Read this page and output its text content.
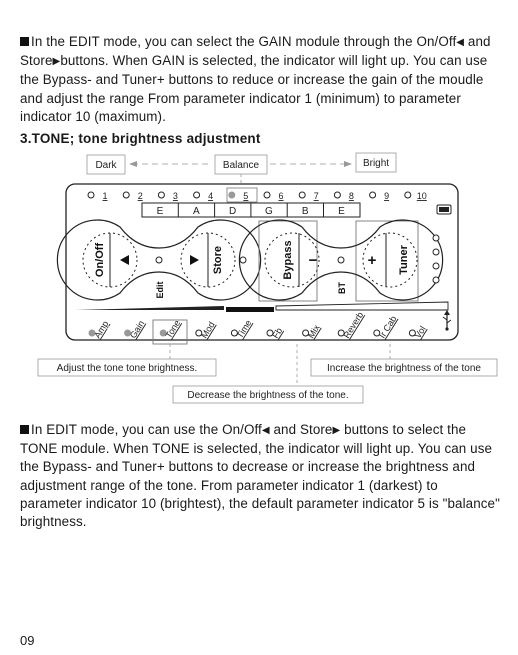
In the EDIT mode, you can select the GAIN module through the On/Off◀ and Store▶buttons. When GAIN is selected, the indicator will light up. You can use the Bypass- and Tuner+ buttons to reduce or increase the gain of the moudle and adjust the range From parameter indicator 1 (minimum) to parameter indicator 10 (maximum).
3.TONE; tone brightness adjustment
Dark	Balance	Bright
1	2	3	4	5	6	7	8	9	10
E	A	D	G	B	E
On/Off	Store
Edit
Bypass −	+ Tuner
BT
Amp Gain Tone Mod Time Fb Mix Reverb Ir Cab Vol
Adjust the tone tone brightness.
Decrease the brightness of the tone.
Increase the brightness of the tone
In EDIT mode, you can use the On/Off◀ and Store▶ buttons to select the TONE module. When TONE is selected, the indicator will light up. You can use the Bypass- and Tuner+ buttons to decrease or increase the brightness and adjustment range of the tone. From parameter indicator 1 (darkest) to parameter indicator 10 (brightest), the default parameter indicator 5 is "balance" brightness.
09
